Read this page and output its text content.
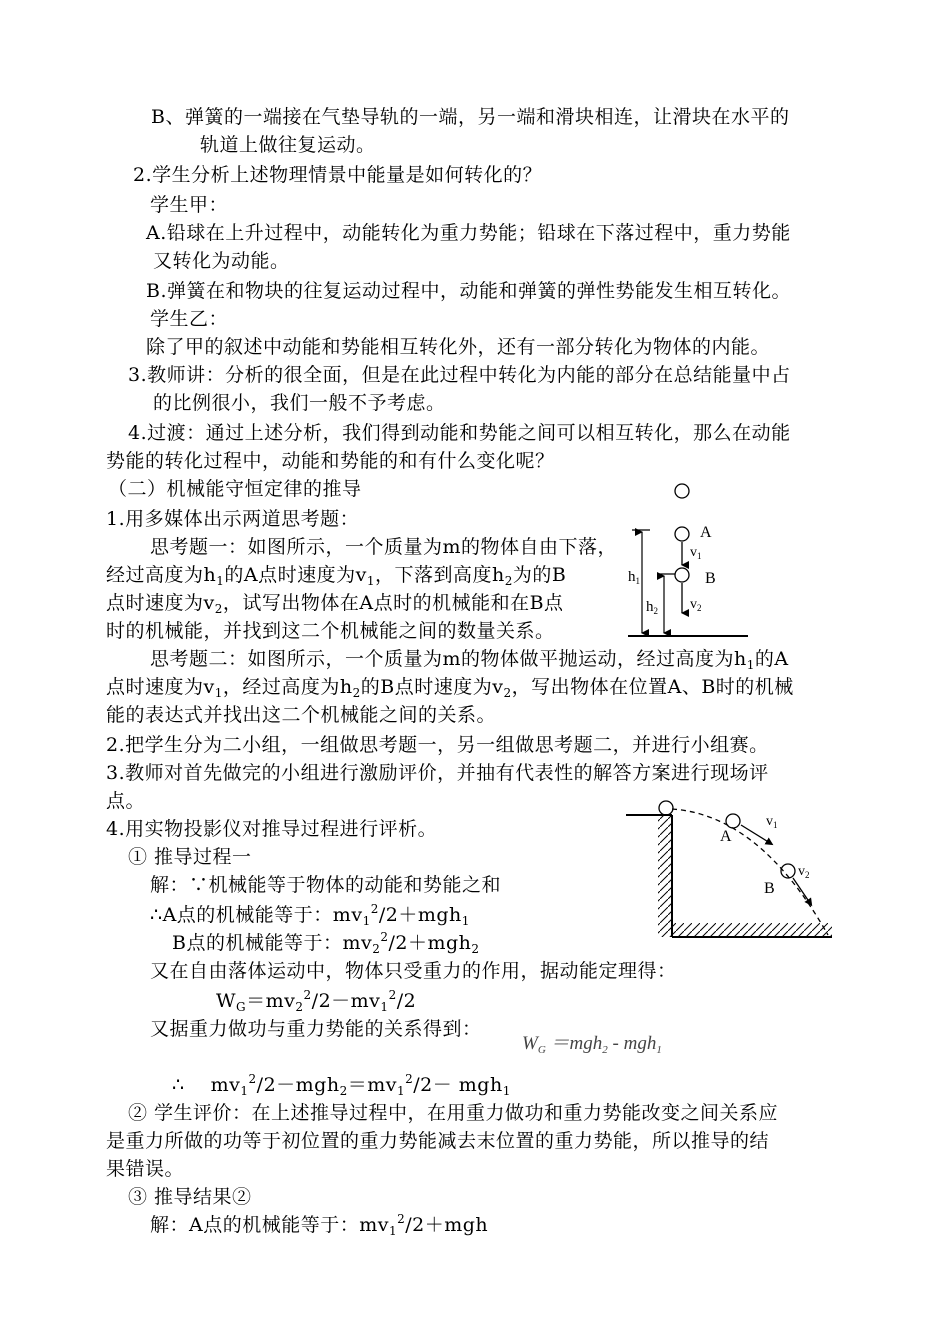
B、弹簧的一端接在气垫导轨的一端，另一端和滑块相连，让滑块在水平的
轨道上做往复运动。
2.学生分析上述物理情景中能量是如何转化的？
学生甲：
A.铅球在上升过程中，动能转化为重力势能；铅球在下落过程中，重力势能
又转化为动能。
B.弹簧在和物块的往复运动过程中，动能和弹簧的弹性势能发生相互转化。
学生乙：
除了甲的叙述中动能和势能相互转化外，还有一部分转化为物体的内能。
3.教师讲：分析的很全面，但是在此过程中转化为内能的部分在总结能量中占
的比例很小，我们一般不予考虑。
4.过渡：通过上述分析，我们得到动能和势能之间可以相互转化，那么在动能
势能的转化过程中，动能和势能的和有什么变化呢？
（二）机械能守恒定律的推导
1.用多媒体出示两道思考题：
思考题一：如图所示，一个质量为m的物体自由下落，
经过高度为$h_1$的A点时速度为$v_1$，下落到高度$h_2$为的B
点时速度为$v_2$，试写出物体在A点时的机械能和在B点
时的机械能，并找到这二个机械能之间的数量关系。
思考题二：如图所示，一个质量为m的物体做平抛运动，经过高度为$h_1$的A
点时速度为$v_1$，经过高度为$h_2$的B点时速度为$v_2$，写出物体在位置A、B时的机械
能的表达式并找出这二个机械能之间的关系。
2.把学生分为二小组，一组做思考题一，另一组做思考题二，并进行小组赛。
3.教师对首先做完的小组进行激励评价，并抽有代表性的解答方案进行现场评
点。
4.用实物投影仪对推导过程进行评析。
① 推导过程一
解：∵机械能等于物体的动能和势能之和
∴A点的机械能等于：$mv_1^2/2+mgh_1$
B点的机械能等于：$mv_2^2/2+mgh_2$
又在自由落体运动中，物体只受重力的作用，据动能定理得：
$W_G=mv_2^2/2-mv_1^2/2$
又据重力做功与重力势能的关系得到：
$W_G =mgh_2 - mgh_1$
∴　 $mv_1^2/2-mgh_2=mv_1^2/2- mgh_1$
② 学生评价：在上述推导过程中，在用重力做功和重力势能改变之间关系应
是重力所做的功等于初位置的重力势能减去末位置的重力势能，所以推导的结
果错误。
③ 推导结果②
解：A点的机械能等于：$mv_1^2/2+mgh$
A
B
$v_1$
$v_2$
$h_1$
$h_2$
A
$v_1$
B
$v_2$
